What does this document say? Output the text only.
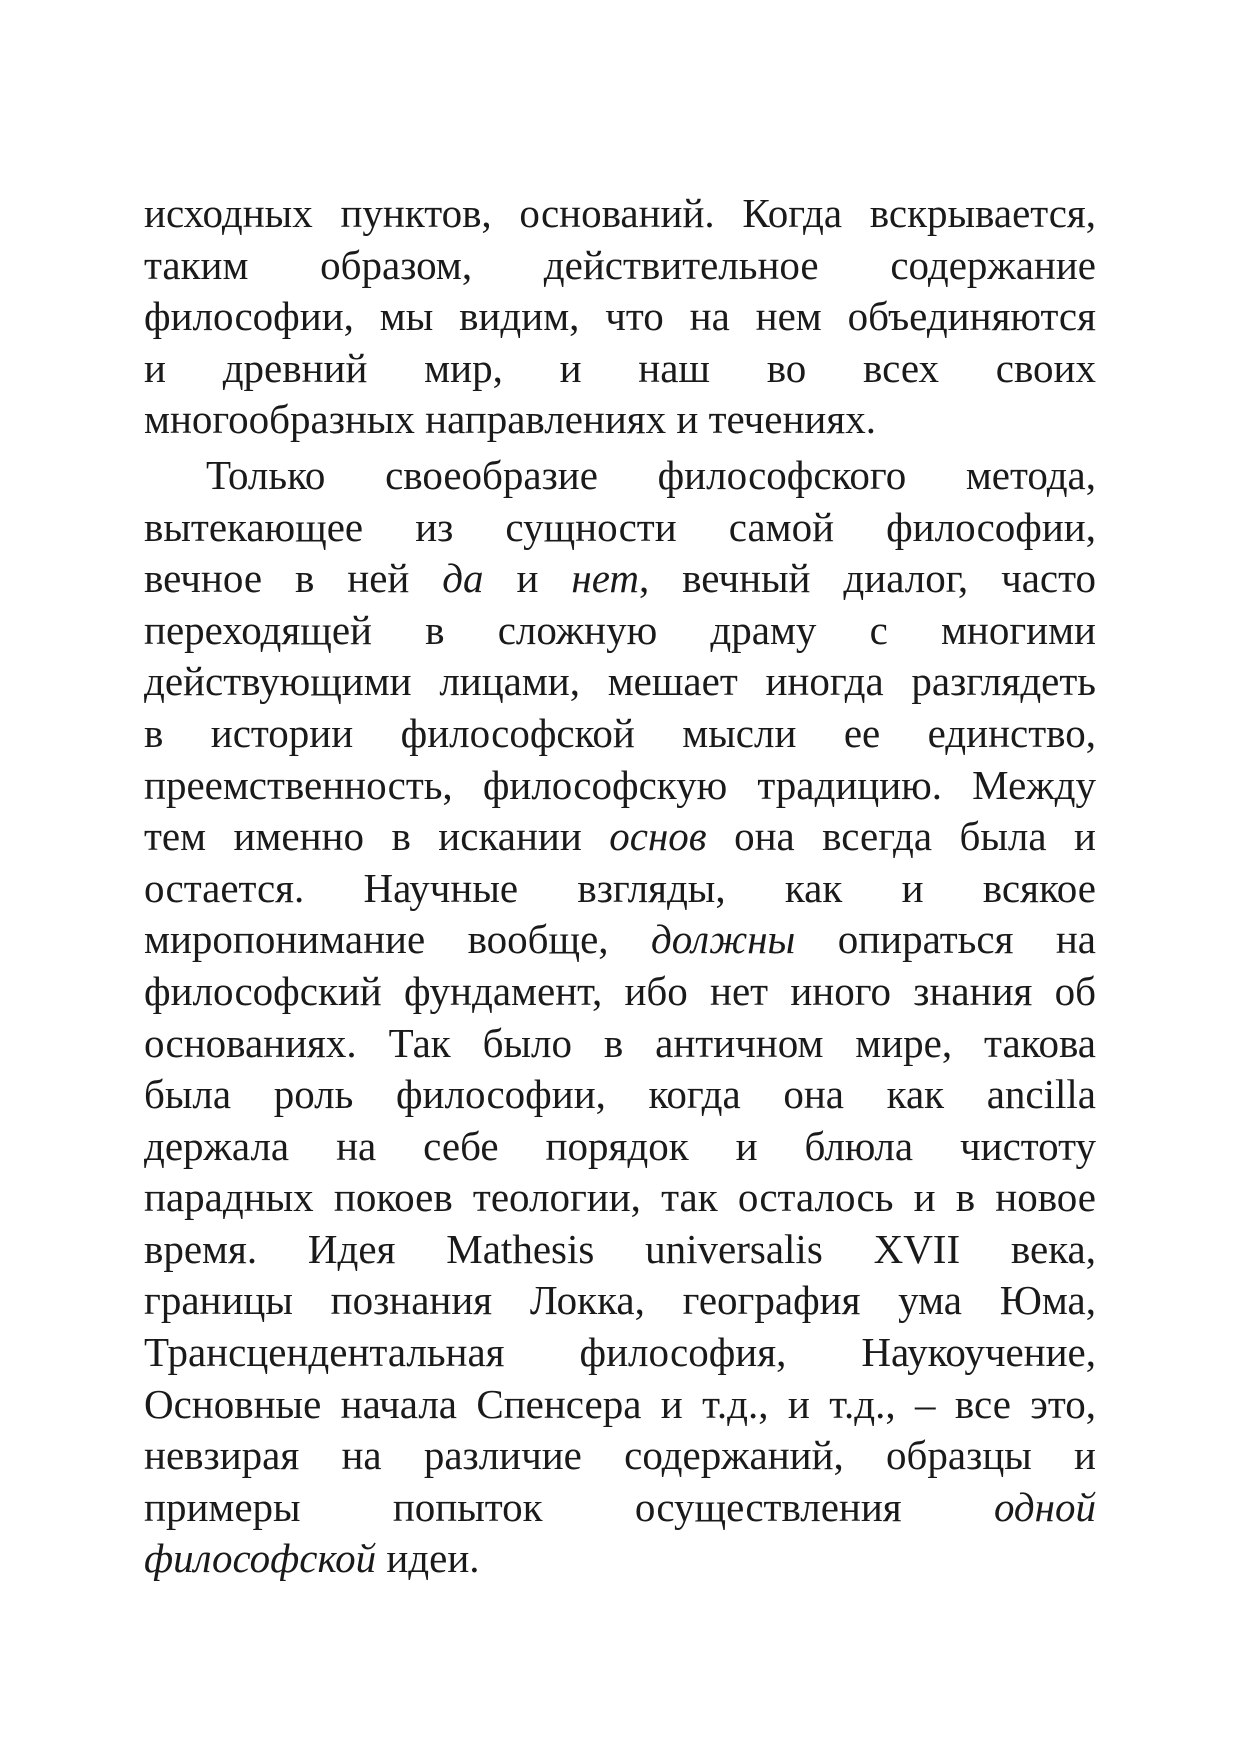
исходных пунктов, оснований. Когда вскрывается,
таким образом, действительное содержание
философии, мы видим, что на нем объединяются
и древний мир, и наш во всех своих
многообразных направлениях и течениях.

Только своеобразие философского метода,
вытекающее из сущности самой философии,
вечное в ней да и нет, вечный диалог, часто
переходящей в сложную драму с многими
действующими лицами, мешает иногда разглядеть
в истории философской мысли ее единство,
преемственность, философскую традицию. Между
тем именно в искании основ она всегда была и
остается. Научные взгляды, как и всякое
миропонимание вообще, должны опираться на
философский фундамент, ибо нет иного знания об
основаниях. Так было в античном мире, такова
была роль философии, когда она как ancilla
держала на себе порядок и блюла чистоту
парадных покоев теологии, так осталось и в новое
время. Идея Mathesis universalis XVII века,
границы познания Локка, география ума Юма,
Трансцендентальная философия, Наукоучение,
Основные начала Спенсера и т.д., и т.д., – все это,
невзирая на различие содержаний, образцы и
примеры попыток осуществления одной
философской идеи.
